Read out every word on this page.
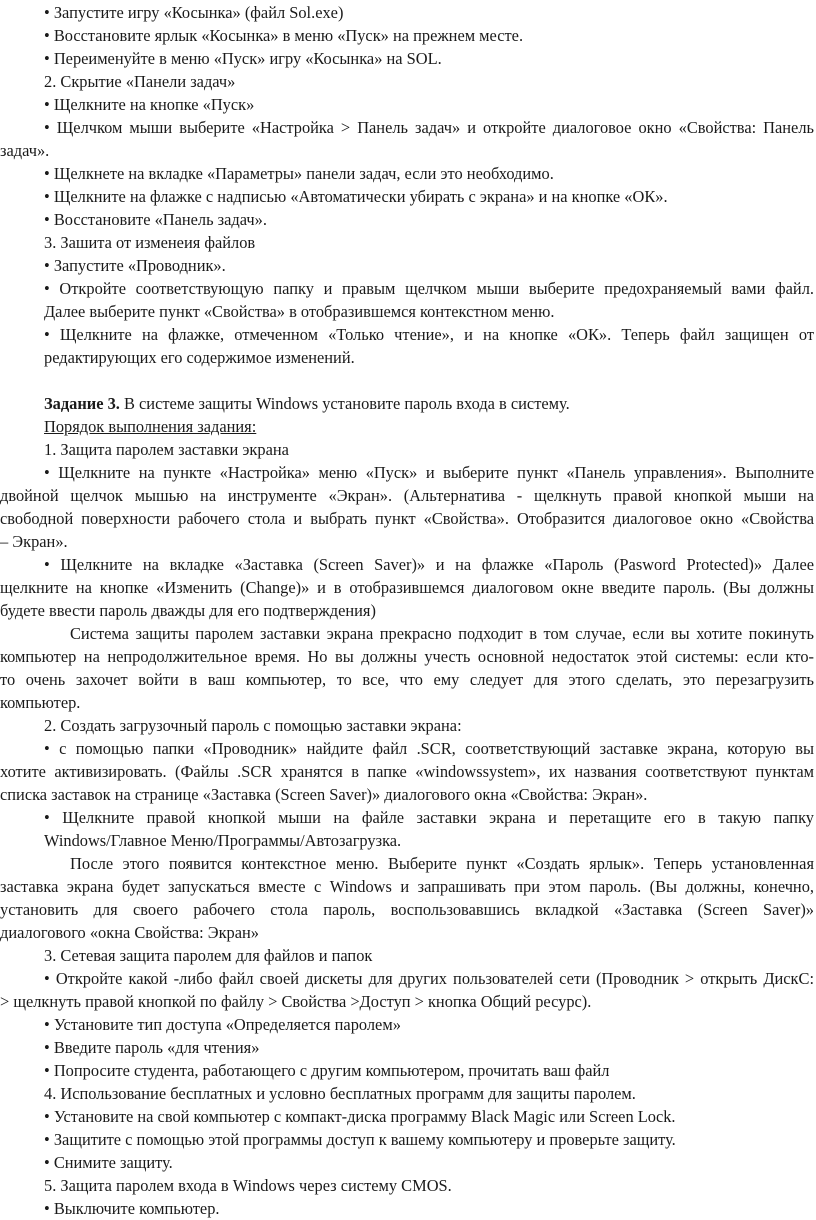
• Запустите игру «Косынка» (файл Sol.exe)
• Восстановите ярлык «Косынка» в меню «Пуск» на прежнем месте.
• Переименуйте в меню «Пуск» игру «Косынка» на SOL.
2. Скрытие «Панели задач»
• Щелкните на кнопке «Пуск»
• Щелчком мыши выберите «Настройка > Панель задач» и откройте диалоговое окно «Свойства: Панель
задач».
• Щелкнете на вкладке «Параметры» панели задач, если это необходимо.
• Щелкните на флажке с надписью «Автоматически убирать с экрана» и на кнопке «ОК».
• Восстановите «Панель задач».
3. Зашита от изменеия файлов
• Запустите «Проводник».
• Откройте соответствующую папку и правым щелчком мыши выберите предохраняемый вами файл.
Далее выберите пункт «Свойства» в отобразившемся контекстном меню.
• Щелкните на флажке, отмеченном «Только чтение», и на кнопке «ОК». Теперь файл защищен от
редактирующих его содержимое изменений.
Задание 3. В системе защиты Windows установите пароль входа в систему.
Порядок выполнения задания:
1. Защита паролем заставки экрана
• Щелкните на пункте «Настройка» меню «Пуск» и выберите пункт «Панель управления». Выполните
двойной щелчок мышью на инструменте «Экран». (Альтернатива - щелкнуть правой кнопкой мыши на
свободной поверхности рабочего стола и выбрать пункт «Свойства». Отобразится диалоговое окно «Свойства
– Экран».
• Щелкните на вкладке «Заставка (Screen Saver)» и на флажке «Пароль (Pasword Protected)» Далее
щелкните на кнопке «Изменить (Change)» и в отобразившемся диалоговом окне введите пароль. (Вы должны
будете ввести пароль дважды для его подтверждения)
Система защиты паролем заставки экрана прекрасно подходит в том случае, если вы хотите покинуть
компьютер на непродолжительное время. Но вы должны учесть основной недостаток этой системы: если кто-
то очень захочет войти в ваш компьютер, то все, что ему следует для этого сделать, это перезагрузить
компьютер.
2. Создать загрузочный пароль с помощью заставки экрана:
• с помощью папки «Проводник» найдите файл .SCR, соответствующий заставке экрана, которую вы
хотите активизировать. (Файлы .SCR хранятся в папке «windowssystem», их названия соответствуют пунктам
списка заставок на странице «Заставка (Screen Saver)» диалогового окна «Свойства: Экран».
• Щелкните правой кнопкой мыши на файле заставки экрана и перетащите его в такую папку
Windows/Главное Меню/Программы/Автозагрузка.
После этого появится контекстное меню. Выберите пункт «Создать ярлык». Теперь установленная
заставка экрана будет запускаться вместе с Windows и запрашивать при этом пароль. (Вы должны, конечно,
установить для своего рабочего стола пароль, воспользовавшись вкладкой «Заставка (Screen Saver)»
диалогового «окна Свойства: Экран»
3. Сетевая защита паролем для файлов и папок
• Откройте какой -либо файл своей дискеты для других пользователей сети (Проводник > открыть ДискС:
> щелкнуть правой кнопкой по файлу > Свойства >Доступ > кнопка Общий ресурс).
• Установите тип доступа «Определяется паролем»
• Введите пароль «для чтения»
• Попросите студента, работающего с другим компьютером, прочитать ваш файл
4. Использование бесплатных и условно бесплатных программ для защиты паролем.
• Установите на свой компьютер с компакт-диска программу Black Magic или Screen Lock.
• Защитите с помощью этой программы доступ к вашему компьютеру и проверьте защиту.
• Снимите защиту.
5. Защита паролем входа в Windows через систему CMOS.
• Выключите компьютер.
